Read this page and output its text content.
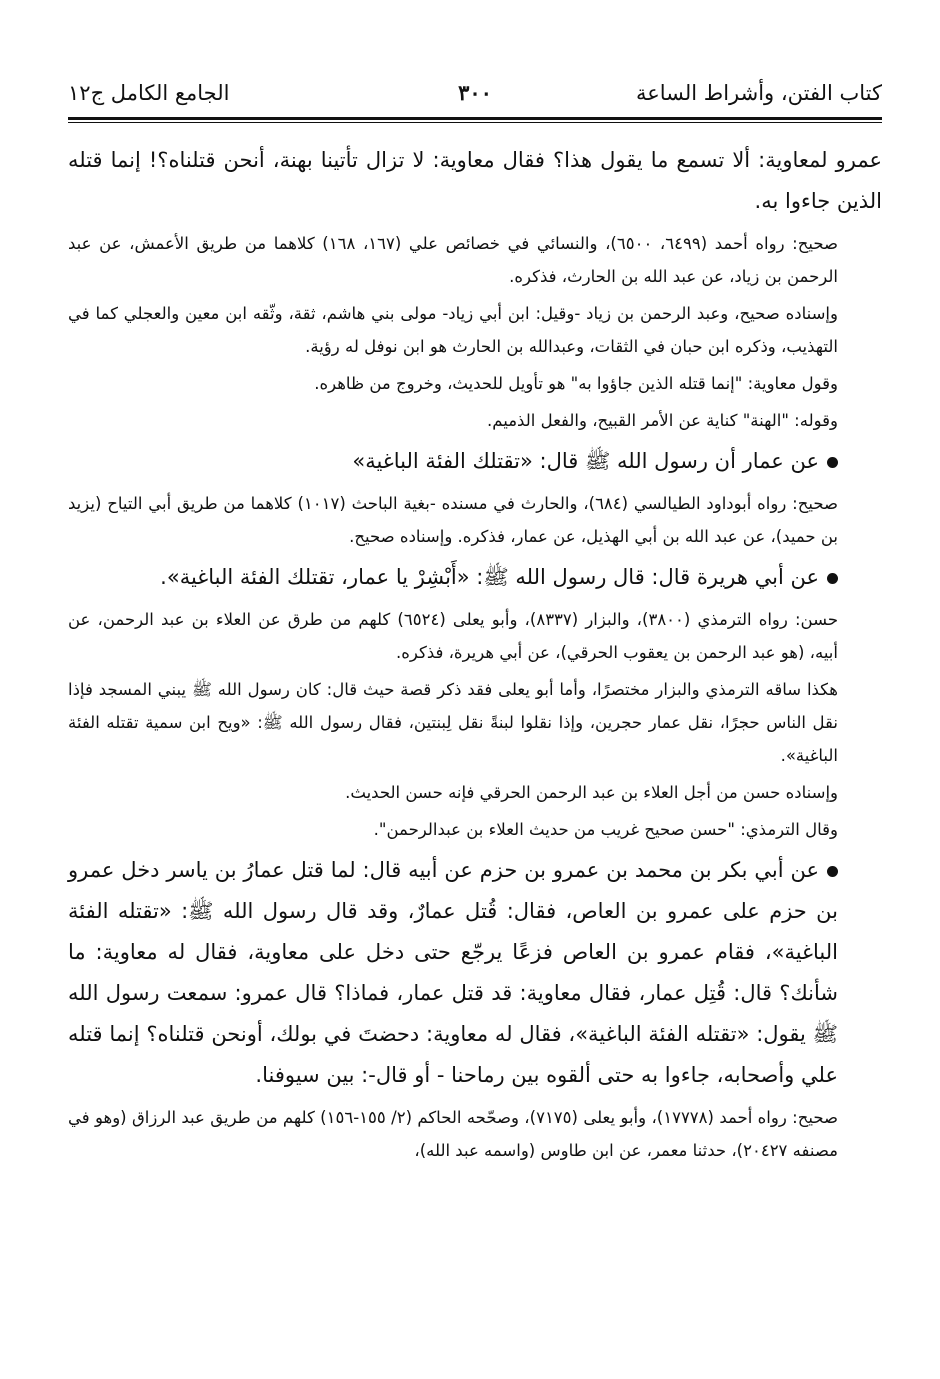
كتاب الفتن، وأشراط الساعة
٣٠٠
الجامع الكامل ج١٢

عمرو لمعاوية: ألا تسمع ما يقول هذا؟ فقال معاوية: لا تزال تأتينا بهنة، أنحن قتلناه؟! إنما قتله الذين جاءوا به.

صحيح: رواه أحمد (٦٤٩٩، ٦٥٠٠)، والنسائي في خصائص علي (١٦٧، ١٦٨) كلاهما من طريق الأعمش، عن عبد الرحمن بن زياد، عن عبد الله بن الحارث، فذكره.

وإسناده صحيح، وعبد الرحمن بن زياد -وقيل: ابن أبي زياد- مولى بني هاشم، ثقة، وثّقه ابن معين والعجلي كما في التهذيب، وذكره ابن حبان في الثقات، وعبدالله بن الحارث هو ابن نوفل له رؤية.

وقول معاوية: "إنما قتله الذين جاؤوا به" هو تأويل للحديث، وخروج من ظاهره.

وقوله: "الهنة" كناية عن الأمر القبيح، والفعل الذميم.

عن عمار أن رسول الله ﷺ قال: «تقتلك الفئة الباغية»

صحيح: رواه أبوداود الطيالسي (٦٨٤)، والحارث في مسنده -بغية الباحث (١٠١٧) كلاهما من طريق أبي التياح (يزيد بن حميد)، عن عبد الله بن أبي الهذيل، عن عمار، فذكره. وإسناده صحيح.

عن أبي هريرة قال: قال رسول الله ﷺ: «أَبْشِرْ يا عمار، تقتلك الفئة الباغية».

حسن: رواه الترمذي (٣٨٠٠)، والبزار (٨٣٣٧)، وأبو يعلى (٦٥٢٤) كلهم من طرق عن العلاء بن عبد الرحمن، عن أبيه، (هو عبد الرحمن بن يعقوب الحرقي)، عن أبي هريرة، فذكره.

هكذا ساقه الترمذي والبزار مختصرًا، وأما أبو يعلى فقد ذكر قصة حيث قال: كان رسول الله ﷺ يبني المسجد فإذا نقل الناس حجرًا، نقل عمار حجرين، وإذا نقلوا لبنةً نقل لِبنتين، فقال رسول الله ﷺ: «ويح ابن سمية تقتله الفئة الباغية».

وإسناده حسن من أجل العلاء بن عبد الرحمن الحرقي فإنه حسن الحديث.

وقال الترمذي: "حسن صحيح غريب من حديث العلاء بن عبدالرحمن".

عن أبي بكر بن محمد بن عمرو بن حزم عن أبيه قال: لما قتل عمارُ بن ياسر دخل عمرو بن حزم على عمرو بن العاص، فقال: قُتل عمارٌ، وقد قال رسول الله ﷺ: «تقتله الفئة الباغية»، فقام عمرو بن العاص فزعًا يرجّع حتى دخل على معاوية، فقال له معاوية: ما شأنك؟ قال: قُتِل عمار، فقال معاوية: قد قتل عمار، فماذا؟ قال عمرو: سمعت رسول الله ﷺ يقول: «تقتله الفئة الباغية»، فقال له معاوية: دحضتَ في بولك، أونحن قتلناه؟ إنما قتله علي وأصحابه، جاءوا به حتى ألقوه بين رماحنا - أو قال-: بين سيوفنا.

صحيح: رواه أحمد (١٧٧٧٨)، وأبو يعلى (٧١٧٥)، وصحّحه الحاكم (٢/ ١٥٥-١٥٦) كلهم من طريق عبد الرزاق (وهو في مصنفه ٢٠٤٢٧)، حدثنا معمر، عن ابن طاوس (واسمه عبد الله)،
